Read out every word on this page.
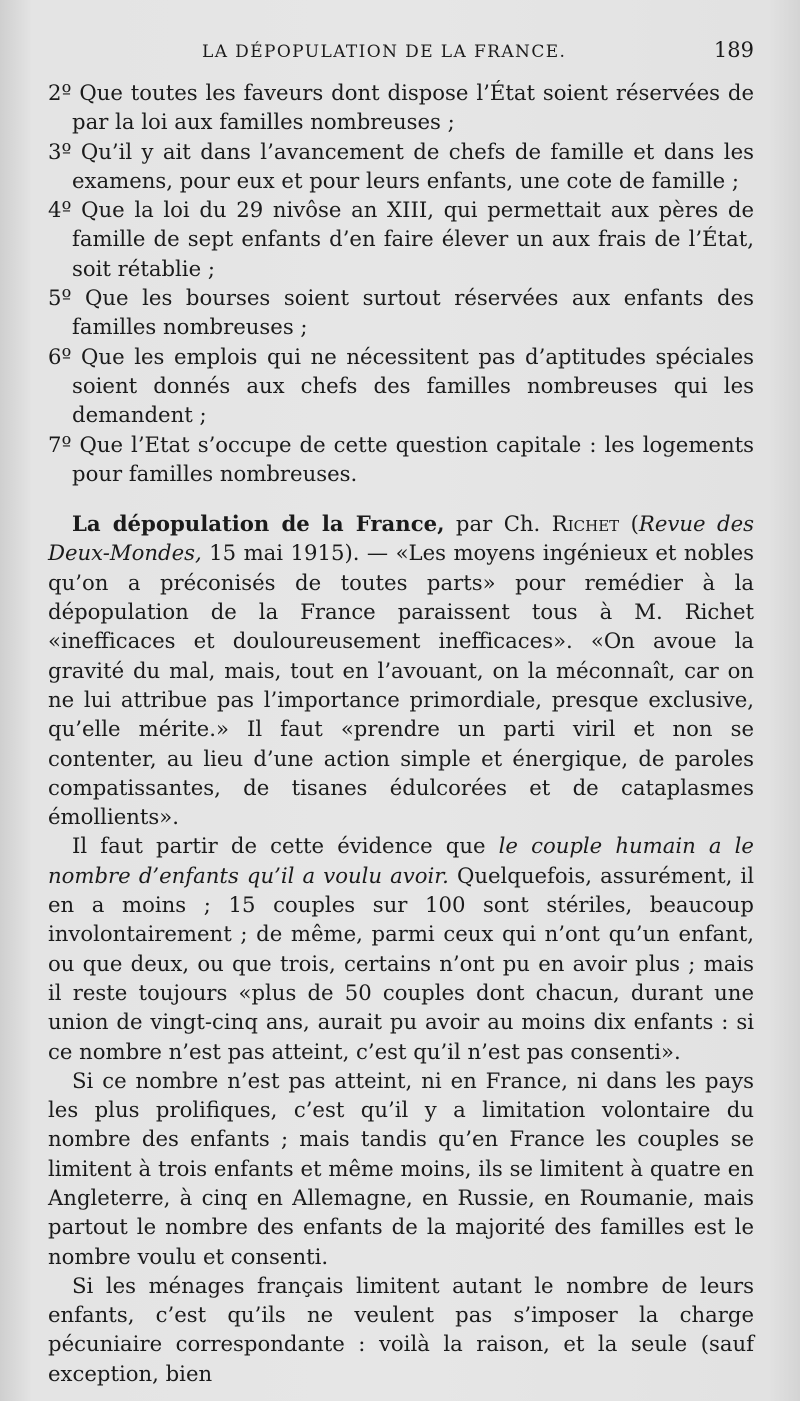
LA DÉPOPULATION DE LA FRANCE.	189

2º Que toutes les faveurs dont dispose l’État soient réservées de par la loi aux familles nombreuses ;

3º Qu’il y ait dans l’avancement de chefs de famille et dans les examens, pour eux et pour leurs enfants, une cote de famille ;

4º Que la loi du 29 nivôse an XIII, qui permettait aux pères de famille de sept enfants d’en faire élever un aux frais de l’État, soit rétablie ;

5º Que les bourses soient surtout réservées aux enfants des familles nombreuses ;

6º Que les emplois qui ne nécessitent pas d’aptitudes spéciales soient donnés aux chefs des familles nombreuses qui les demandent ;

7º Que l’Etat s’occupe de cette question capitale : les logements pour familles nombreuses.

La dépopulation de la France, par Ch. Richet (Revue des Deux-Mondes, 15 mai 1915). — «Les moyens ingénieux et nobles qu’on a préconisés de toutes parts» pour remédier à la dépopulation de la France paraissent tous à M. Richet «inefficaces et douloureusement inefficaces». «On avoue la gravité du mal, mais, tout en l’avouant, on la méconnaît, car on ne lui attribue pas l’importance primordiale, presque exclusive, qu’elle mérite.» Il faut «prendre un parti viril et non se contenter, au lieu d’une action simple et énergique, de paroles compatissantes, de tisanes édulcorées et de cataplasmes émollients».

Il faut partir de cette évidence que le couple humain a le nombre d’enfants qu’il a voulu avoir. Quelquefois, assurément, il en a moins ; 15 couples sur 100 sont stériles, beaucoup involontairement ; de même, parmi ceux qui n’ont qu’un enfant, ou que deux, ou que trois, certains n’ont pu en avoir plus ; mais il reste toujours «plus de 50 couples dont chacun, durant une union de vingt-cinq ans, aurait pu avoir au moins dix enfants : si ce nombre n’est pas atteint, c’est qu’il n’est pas consenti».

Si ce nombre n’est pas atteint, ni en France, ni dans les pays les plus prolifiques, c’est qu’il y a limitation volontaire du nombre des enfants ; mais tandis qu’en France les couples se limitent à trois enfants et même moins, ils se limitent à quatre en Angleterre, à cinq en Allemagne, en Russie, en Roumanie, mais partout le nombre des enfants de la majorité des familles est le nombre voulu et consenti.

Si les ménages français limitent autant le nombre de leurs enfants, c’est qu’ils ne veulent pas s’imposer la charge pécuniaire correspondante : voilà la raison, et la seule (sauf exception, bien
